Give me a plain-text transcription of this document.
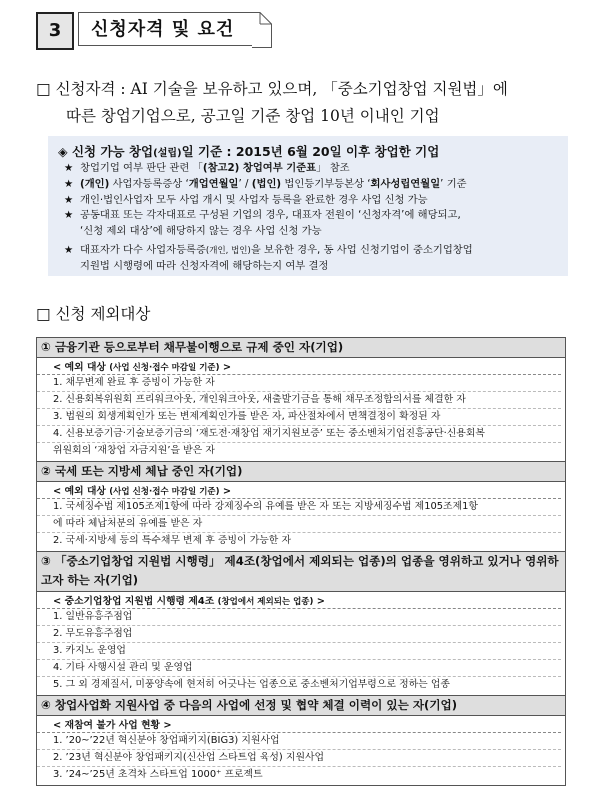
3	신청자격 및 요건
□ 신청자격 : AI 기술을 보유하고 있으며, 「중소기업창업 지원법」에
따른 창업기업으로, 공고일 기준 창업 10년 이내인 기업
◈ 신청 가능 창업(설립)일 기준 : 2015년 6월 20일 이후 창업한 기업
★ 창업기업 여부 판단 관련 「(참고2) 창업여부 기준표」 참조
★ (개인) 사업자등록증상 ‘개업연월일’ / (법인) 법인등기부등본상 ‘회사성립연월일’ 기준
★ 개인·법인사업자 모두 사업 개시 및 사업자 등록을 완료한 경우 사업 신청 가능
★ 공동대표 또는 각자대표로 구성된 기업의 경우, 대표자 전원이 ‘신청자격’에 해당되고,
‘신청 제외 대상’에 해당하지 않는 경우 사업 신청 가능
★ 대표자가 다수 사업자등록증(개인, 법인)을 보유한 경우, 동 사업 신청기업이 중소기업창업
지원법 시행령에 따라 신청자격에 해당하는지 여부 결정
□ 신청 제외대상
① 금융기관 등으로부터 채무불이행으로 규제 중인 자(기업)
< 예외 대상 (사업 신청·접수 마감일 기준) >
1. 채무변제 완료 후 증빙이 가능한 자
2. 신용회복위원회 프리워크아웃, 개인워크아웃, 새출발기금을 통해 채무조정합의서를 체결한 자
3. 법원의 회생계획인가 또는 변제계획인가를 받은 자, 파산절차에서 면책결정이 확정된 자
4. 신용보증기금·기술보증기금의 ‘재도전·재창업 재기지원보증’ 또는 중소벤처기업진흥공단·신용회복
위원회의 ‘재창업 자금지원’을 받은 자
② 국세 또는 지방세 체납 중인 자(기업)
< 예외 대상 (사업 신청·접수 마감일 기준) >
1. 국세징수법 제105조제1항에 따라 강제징수의 유예를 받은 자 또는 지방세징수법 제105조제1항
에 따라 체납처분의 유예를 받은 자
2. 국세·지방세 등의 특수채무 변제 후 증빙이 가능한 자
③ 「중소기업창업 지원법 시행령」 제4조(창업에서 제외되는 업종)의 업종을 영위하고 있거나 영위하고자 하는 자(기업)
< 중소기업창업 지원법 시행령 제4조 (창업에서 제외되는 업종) >
1. 일반유흥주점업
2. 무도유흥주점업
3. 카지노 운영업
4. 기타 사행시설 관리 및 운영업
5. 그 외 경제질서, 미풍양속에 현저히 어긋나는 업종으로 중소벤처기업부령으로 정하는 업종
④ 창업사업화 지원사업 중 다음의 사업에 선정 및 협약 체결 이력이 있는 자(기업)
< 재참여 불가 사업 현황 >
1. ’20~’22년 혁신분야 창업패키지(BIG3) 지원사업
2. ’23년 혁신분야 창업패키지(신산업 스타트업 육성) 지원사업
3. ’24~’25년 초격차 스타트업 1000⁺ 프로젝트
